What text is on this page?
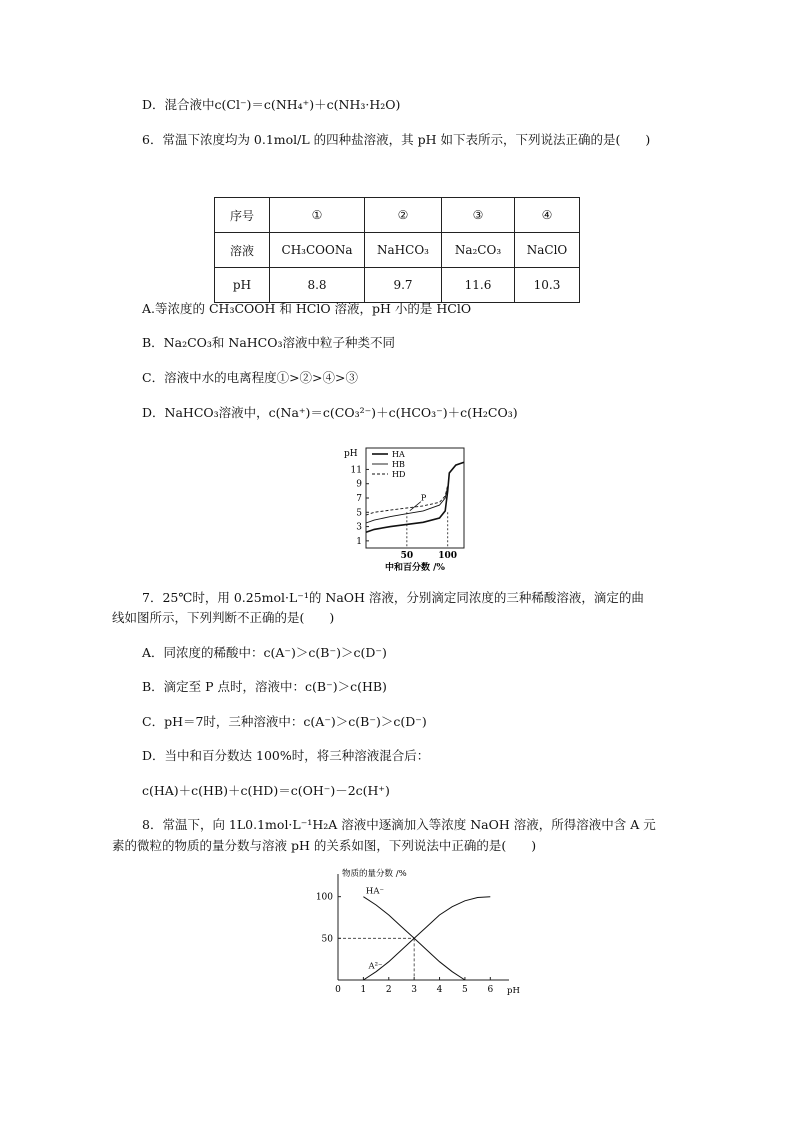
D．混合液中c(Cl⁻)＝c(NH₄⁺)＋c(NH₃·H₂O)
6．常温下浓度均为 0.1mol/L 的四种盐溶液，其 pH 如下表所示，下列说法正确的是(　　)
序号	①	②	③	④
溶液	CH₃COONa	NaHCO₃	Na₂CO₃	NaClO
pH	8.8	9.7	11.6	10.3
A.等浓度的 CH₃COOH 和 HClO 溶液，pH 小的是 HClO
B．Na₂CO₃和 NaHCO₃溶液中粒子种类不同
C．溶液中水的电离程度①>②>④>③
D．NaHCO₃溶液中，c(Na⁺)＝c(CO₃²⁻)＋c(HCO₃⁻)＋c(H₂CO₃)
pH
1
3
5
7
9
11
50	100
中和百分数 /%
HA
HB
HD
P
7．25℃时，用 0.25mol·L⁻¹的 NaOH 溶液，分别滴定同浓度的三种稀酸溶液，滴定的曲
线如图所示，下列判断不正确的是(　　)
A．同浓度的稀酸中：c(A⁻)＞c(B⁻)＞c(D⁻)
B．滴定至 P 点时，溶液中：c(B⁻)＞c(HB)
C．pH＝7时，三种溶液中：c(A⁻)＞c(B⁻)＞c(D⁻)
D．当中和百分数达 100%时，将三种溶液混合后：
c(HA)＋c(HB)＋c(HD)＝c(OH⁻)－2c(H⁺)
8．常温下，向 1L0.1mol·L⁻¹H₂A 溶液中逐滴加入等浓度 NaOH 溶液，所得溶液中含 A 元
素的微粒的物质的量分数与溶液 pH 的关系如图，下列说法中正确的是(　　)
物质的量分数 /%
pH
50
100
0 1 2 3 4 5 6
HA⁻
A²⁻
